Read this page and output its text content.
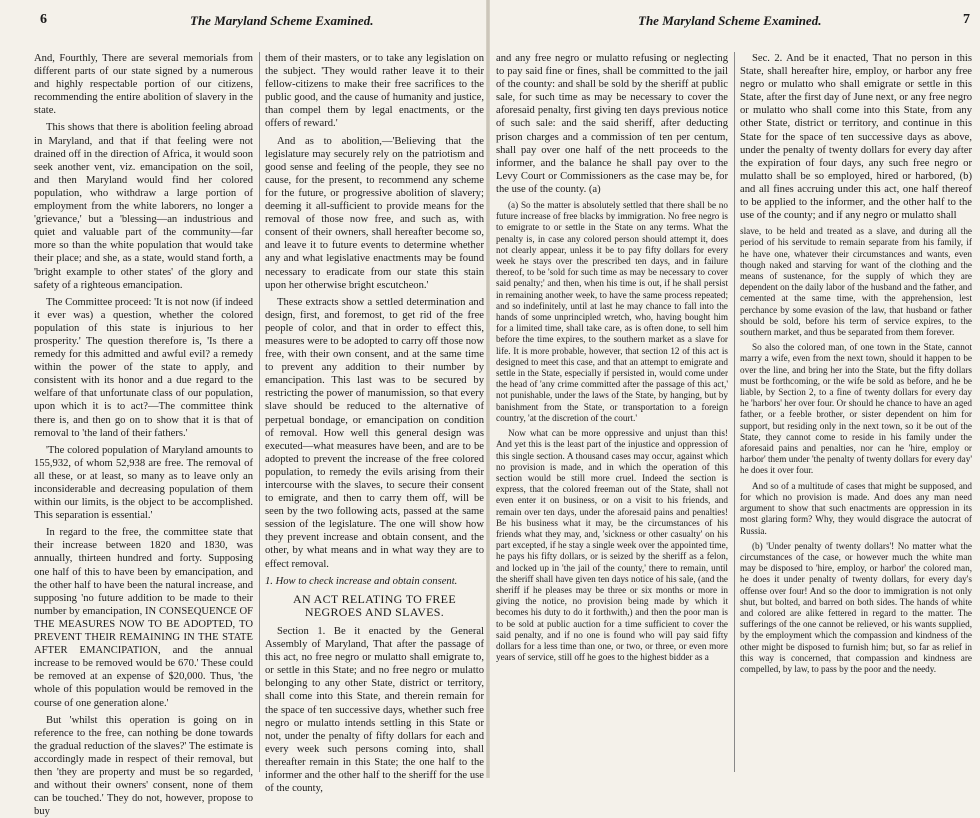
6	The Maryland Scheme Examined.

And, Fourthly, There are several memorials from different parts of our state signed by a numerous and highly respectable portion of our citizens, recommending the entire abolition of slavery in the state.

This shows that there is abolition feeling abroad in Maryland, and that if that feeling were not drained off in the direction of Africa, it would soon seek another vent, viz. emancipation on the soil, and then Maryland would find her colored population, who withdraw a large portion of employment from the white laborers, no longer a 'grievance,' but a 'blessing—an industrious and quiet and valuable part of the community—far more so than the white population that would take their place; and she, as a state, would stand forth, a 'bright example to other states' of the glory and safety of a righteous emancipation.

The Committee proceed: 'It is not now (if indeed it ever was) a question, whether the colored population of this state is injurious to her prosperity.' The question therefore is, 'Is there a remedy for this admitted and awful evil? a remedy within the power of the state to apply, and consistent with its honor and a due regard to the welfare of that unfortunate class of our population, upon which it is to act?—The committee think there is, and then go on to show that it is that of removal to 'the land of their fathers.'

'The colored population of Maryland amounts to 155,932, of whom 52,938 are free. The removal of all these, or at least, so many as to leave only an inconsiderable and decreasing population of them within our limits, is the object to be accomplished. This separation is essential.'

In regard to the free, the committee state that their increase between 1820 and 1830, was annually, thirteen hundred and forty. Supposing one half of this to have been by emancipation, and the other half to have been the natural increase, and supposing 'no future addition to be made to their number by emancipation, IN CONSEQUENCE OF THE MEASURES NOW TO BE ADOPTED, TO PREVENT THEIR REMAINING IN THE STATE AFTER EMANCIPATION, and the annual increase to be removed would be 670.' These could be removed at an expense of $20,000. Thus, 'the whole of this population would be removed in the course of one generation alone.'

But 'whilst this operation is going on in reference to the free, can nothing be done towards the gradual reduction of the slaves?' The estimate is accordingly made in respect of their removal, but then 'they are property and must be so regarded, and without their owners' consent, none of them can be touched.' They do not, however, propose to buy

them of their masters, or to take any legislation on the subject. 'They would rather leave it to their fellow-citizens to make their free sacrifices to the public good, and the cause of humanity and justice, than compel them by legal enactments, or the offers of reward.'

And as to abolition,—'Believing that the legislature may securely rely on the patriotism and good sense and feeling of the people, they see no cause, for the present, to recommend any scheme for the future, or progressive abolition of slavery; deeming it all-sufficient to provide means for the removal of those now free, and such as, with consent of their owners, shall hereafter become so, and leave it to future events to determine whether any and what legislative enactments may be found necessary to eradicate from our state this stain upon her otherwise bright escutcheon.'

These extracts show a settled determination and design, first, and foremost, to get rid of the free people of color, and that in order to effect this, measures were to be adopted to carry off those now free, with their own consent, and at the same time to prevent any addition to their number by emancipation. This last was to be secured by restricting the power of manumission, so that every slave should be reduced to the alternative of perpetual bondage, or emancipation on condition of removal. How well this general design was executed—what measures have been, and are to be adopted to prevent the increase of the free colored population, to remedy the evils arising from their intercourse with the slaves, to secure their consent to emigrate, and then to carry them off, will be seen by the two following acts, passed at the same session of the legislature. The one will show how they prevent increase and obtain consent, and the other, by what means and in what way they are to effect removal.

1. How to check increase and obtain consent.

AN ACT RELATING TO FREE NEGROES AND SLAVES.

Section 1. Be it enacted by the General Assembly of Maryland, That after the passage of this act, no free negro or mulatto shall emigrate to, or settle in this State; and no free negro or mulatto belonging to any other State, district or territory, shall come into this State, and therein remain for the space of ten successive days, whether such free negro or mulatto intends settling in this State or not, under the penalty of fifty dollars for each and every week such persons coming into, shall thereafter remain in this State; the one half to the informer and the other half to the sheriff for the use of the county,

The Maryland Scheme Examined.	7

and any free negro or mulatto refusing or neglecting to pay said fine or fines, shall be committed to the jail of the county: and shall be sold by the sheriff at public sale, for such time as may be necessary to cover the aforesaid penalty, first giving ten days previous notice of such sale: and the said sheriff, after deducting prison charges and a commission of ten per centum, shall pay over one half of the nett proceeds to the informer, and the balance he shall pay over to the Levy Court or Commissioners as the case may be, for the use of the county. (a)

(a) So the matter is absolutely settled that there shall be no future increase of free blacks by immigration. No free negro is to emigrate to or settle in the State on any terms. What the penalty is, in case any colored person should attempt it, does not clearly appear, unless it be to pay fifty dollars for every week he stays over the prescribed ten days, and in failure thereof, to be 'sold for such time as may be necessary to cover said penalty;' and then, when his time is out, if he shall persist in remaining another week, to have the same process repeated; and so indefinitely, until at last he may chance to fall into the hands of some unprincipled wretch, who, having bought him for a limited time, shall take care, as is often done, to sell him before the time expires, to the southern market as a slave for life. It is more probable, however, that section 12 of this act is designed to meet this case, and that an attempt to emigrate and settle in the State, especially if persisted in, would come under the head of 'any crime committed after the passage of this act,' not punishable, under the laws of the State, by hanging, but by banishment from the State, or transportation to a foreign country, 'at the discretion of the court.'

Now what can be more oppressive and unjust than this! And yet this is the least part of the injustice and oppression of this single section. A thousand cases may occur, against which no provision is made, and in which the operation of this section would be still more cruel. Indeed the section is express, that the colored freeman out of the State, shall not even enter it on business, or on a visit to his friends, and remain over ten days, under the aforesaid pains and penalties! Be his business what it may, be the circumstances of his friends what they may, and, 'sickness or other casualty' on his part excepted, if he stay a single week over the appointed time, he pays his fifty dollars, or is seized by the sheriff as a felon, and locked up in 'the jail of the county,' there to remain, until the sheriff shall have given ten days notice of his sale, (and the sheriff if he pleases may be three or six months or more in giving the notice, no provision being made by which it becomes his duty to do it forthwith,) and then the poor man is to be sold at public auction for a time sufficient to cover the said penalty, and if no one is found who will pay said fifty dollars for a less time than one, or two, or three, or even more years of service, still off he goes to the highest bidder as a

Sec. 2. And be it enacted, That no person in this State, shall hereafter hire, employ, or harbor any free negro or mulatto who shall emigrate or settle in this State, after the first day of June next, or any free negro or mulatto who shall come into this State, from any other State, district or territory, and continue in this State for the space of ten successive days as above, under the penalty of twenty dollars for every day after the expiration of four days, any such free negro or mulatto shall be so employed, hired or harbored, (b) and all fines accruing under this act, one half thereof to be applied to the informer, and the other half to the use of the county; and if any negro or mulatto shall

slave, to be held and treated as a slave, and during all the period of his servitude to remain separate from his family, if he have one, whatever their circumstances and wants, even though naked and starving for want of the clothing and the means of sustenance, for the supply of which they are dependent on the daily labor of the husband and the father, and cemented at the same time, with the apprehension, lest perchance by some evasion of the law, that husband or father should be sold, before his term of service expires, to the southern market, and thus be separated from them forever.

So also the colored man, of one town in the State, cannot marry a wife, even from the next town, should it happen to be over the line, and bring her into the State, but the fifty dollars must be forthcoming, or the wife be sold as before, and he be liable, by Section 2, to a fine of twenty dollars for every day he 'harbors' her over four. Or should he chance to have an aged father, or a feeble brother, or sister dependent on him for support, but residing only in the next town, so it be out of the State, they cannot come to reside in his family under the aforesaid pains and penalties, nor can he 'hire, employ or harbor' them under 'the penalty of twenty dollars for every day' he does it over four.

And so of a multitude of cases that might be supposed, and for which no provision is made. And does any man need argument to show that such enactments are oppression in its most glaring form? Why, they would disgrace the autocrat of Russia.

(b) 'Under penalty of twenty dollars'! No matter what the circumstances of the case, or however much the white man may be disposed to 'hire, employ, or harbor' the colored man, he does it under penalty of twenty dollars, for every day's offense over four! And so the door to immigration is not only shut, but bolted, and barred on both sides. The hands of white and colored are alike fettered in regard to the matter. The sufferings of the one cannot be relieved, or his wants supplied, by the employment which the compassion and kindness of the other might be disposed to furnish him; but, so far as relief in this way is concerned, that compassion and kindness are compelled, by law, to pass by the poor and the needy.
